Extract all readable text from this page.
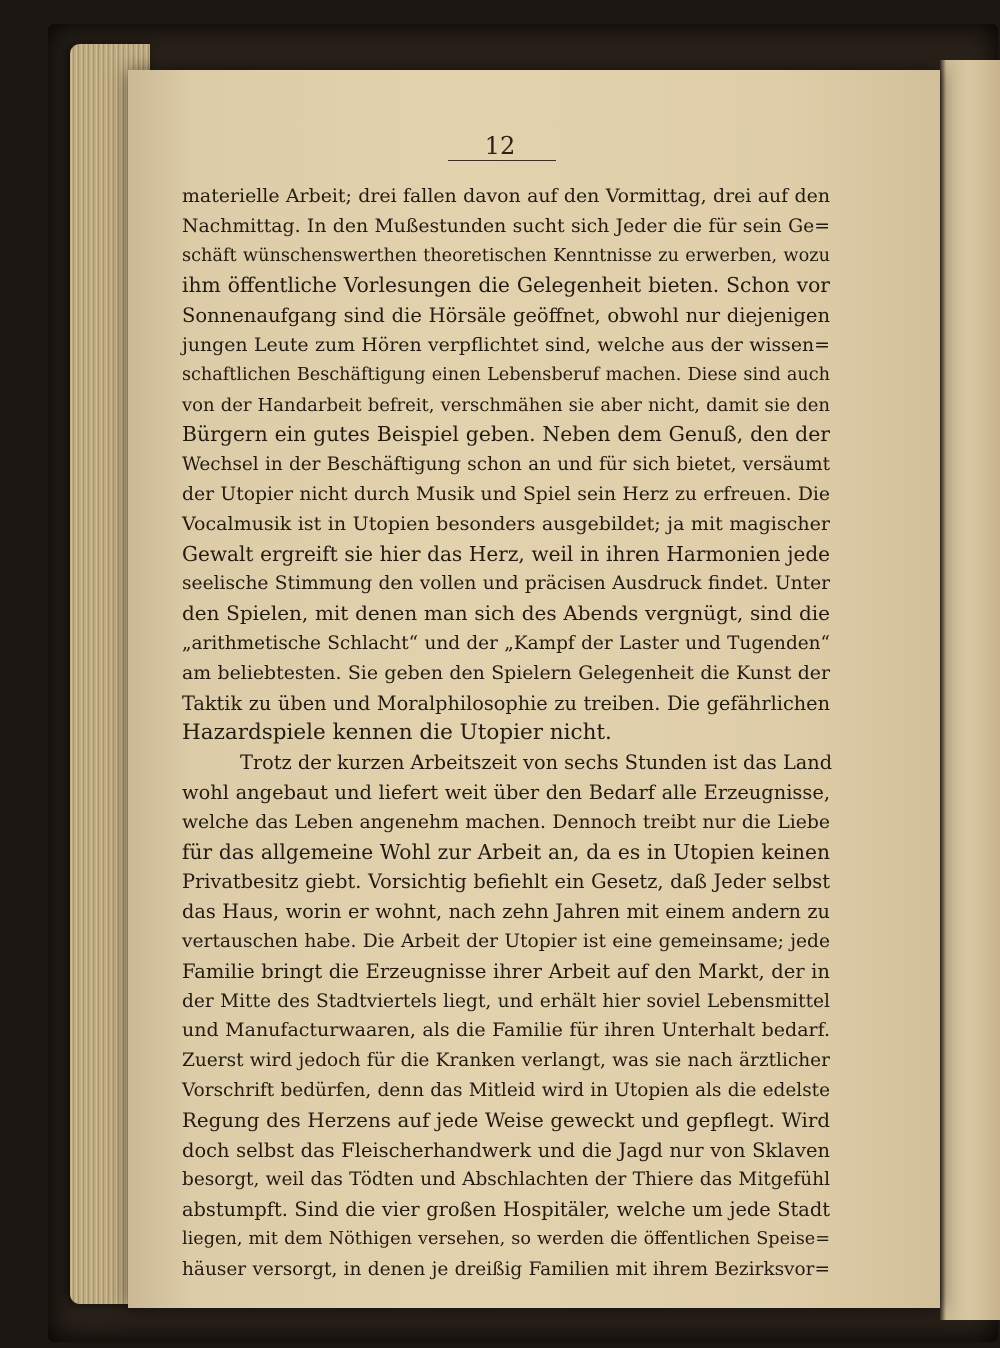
12
materielle Arbeit; drei fallen davon auf den Vormittag, drei auf den
Nachmittag. In den Mußestunden sucht sich Jeder die für sein Ge=
schäft wünschenswerthen theoretischen Kenntnisse zu erwerben, wozu
ihm öffentliche Vorlesungen die Gelegenheit bieten. Schon vor
Sonnenaufgang sind die Hörsäle geöffnet, obwohl nur diejenigen
jungen Leute zum Hören verpflichtet sind, welche aus der wissen=
schaftlichen Beschäftigung einen Lebensberuf machen. Diese sind auch
von der Handarbeit befreit, verschmähen sie aber nicht, damit sie den
Bürgern ein gutes Beispiel geben. Neben dem Genuß, den der
Wechsel in der Beschäftigung schon an und für sich bietet, versäumt
der Utopier nicht durch Musik und Spiel sein Herz zu erfreuen. Die
Vocalmusik ist in Utopien besonders ausgebildet; ja mit magischer
Gewalt ergreift sie hier das Herz, weil in ihren Harmonien jede
seelische Stimmung den vollen und präcisen Ausdruck findet. Unter
den Spielen, mit denen man sich des Abends vergnügt, sind die
„arithmetische Schlacht“ und der „Kampf der Laster und Tugenden“
am beliebtesten. Sie geben den Spielern Gelegenheit die Kunst der
Taktik zu üben und Moralphilosophie zu treiben. Die gefährlichen
Hazardspiele kennen die Utopier nicht.
Trotz der kurzen Arbeitszeit von sechs Stunden ist das Land
wohl angebaut und liefert weit über den Bedarf alle Erzeugnisse,
welche das Leben angenehm machen. Dennoch treibt nur die Liebe
für das allgemeine Wohl zur Arbeit an, da es in Utopien keinen
Privatbesitz giebt. Vorsichtig befiehlt ein Gesetz, daß Jeder selbst
das Haus, worin er wohnt, nach zehn Jahren mit einem andern zu
vertauschen habe. Die Arbeit der Utopier ist eine gemeinsame; jede
Familie bringt die Erzeugnisse ihrer Arbeit auf den Markt, der in
der Mitte des Stadtviertels liegt, und erhält hier soviel Lebensmittel
und Manufacturwaaren, als die Familie für ihren Unterhalt bedarf.
Zuerst wird jedoch für die Kranken verlangt, was sie nach ärztlicher
Vorschrift bedürfen, denn das Mitleid wird in Utopien als die edelste
Regung des Herzens auf jede Weise geweckt und gepflegt. Wird
doch selbst das Fleischerhandwerk und die Jagd nur von Sklaven
besorgt, weil das Tödten und Abschlachten der Thiere das Mitgefühl
abstumpft. Sind die vier großen Hospitäler, welche um jede Stadt
liegen, mit dem Nöthigen versehen, so werden die öffentlichen Speise=
häuser versorgt, in denen je dreißig Familien mit ihrem Bezirksvor=
